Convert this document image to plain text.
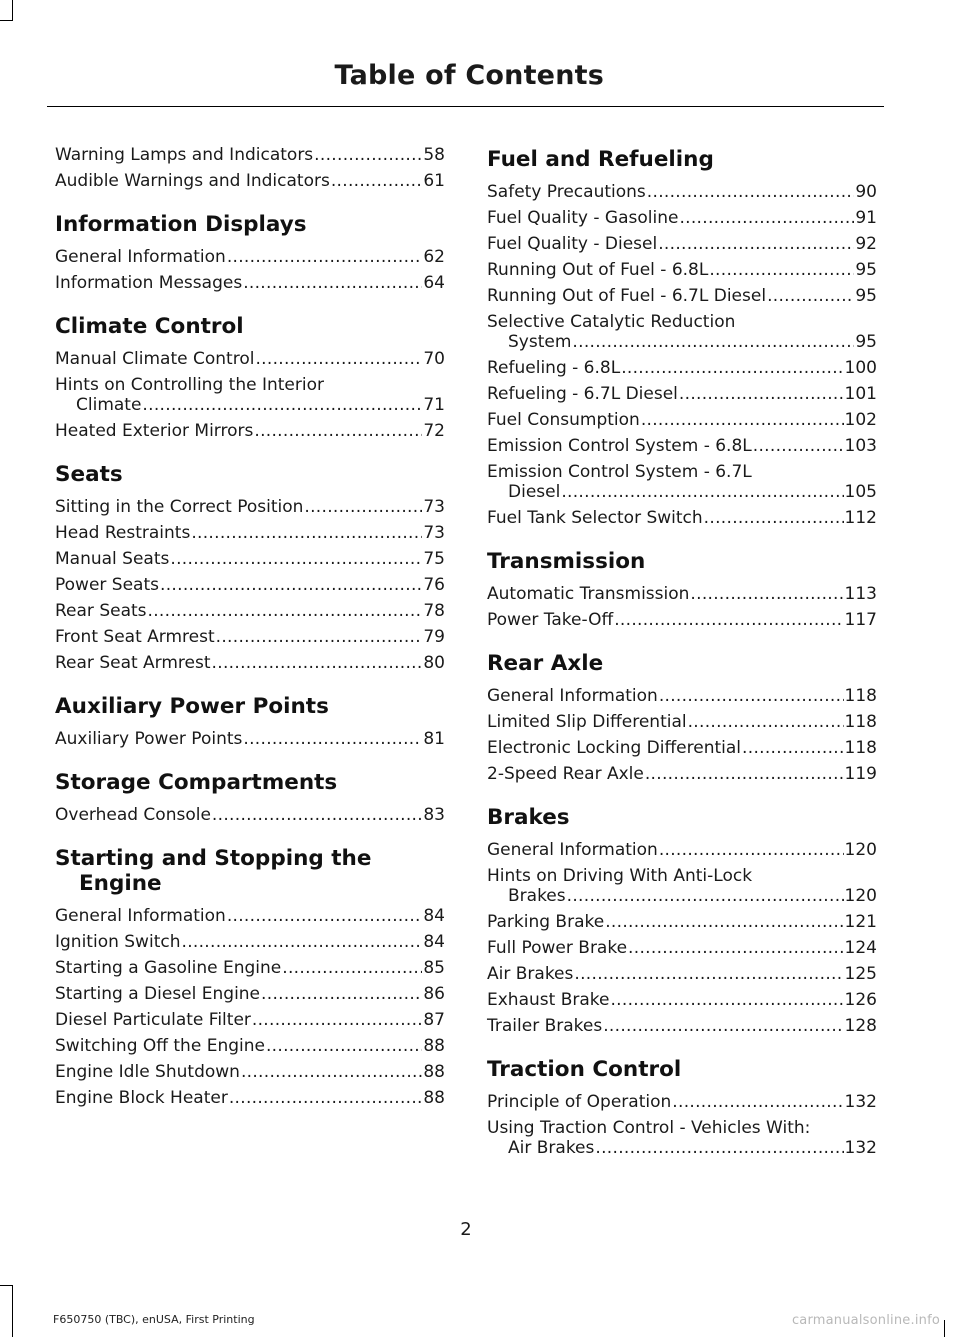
Table of Contents
Warning Lamps and Indicators .....	58
Audible Warnings and Indicators .....	61
Information Displays
General Information .....	62
Information Messages .....	64
Climate Control
Manual Climate Control .....	70
Hints on Controlling the Interior
Climate .....	71
Heated Exterior Mirrors .....	72
Seats
Sitting in the Correct Position .....	73
Head Restraints .....	73
Manual Seats .....	75
Power Seats .....	76
Rear Seats .....	78
Front Seat Armrest .....	79
Rear Seat Armrest .....	80
Auxiliary Power Points
Auxiliary Power Points .....	81
Storage Compartments
Overhead Console .....	83
Starting and Stopping the
Engine
General Information .....	84
Ignition Switch .....	84
Starting a Gasoline Engine .....	85
Starting a Diesel Engine .....	86
Diesel Particulate Filter .....	87
Switching Off the Engine .....	88
Engine Idle Shutdown .....	88
Engine Block Heater .....	88
Fuel and Refueling
Safety Precautions .....	90
Fuel Quality - Gasoline .....	91
Fuel Quality - Diesel .....	92
Running Out of Fuel - 6.8L .....	95
Running Out of Fuel - 6.7L Diesel .....	95
Selective Catalytic Reduction
System .....	95
Refueling - 6.8L .....	100
Refueling - 6.7L Diesel .....	101
Fuel Consumption .....	102
Emission Control System - 6.8L .....	103
Emission Control System - 6.7L
Diesel .....	105
Fuel Tank Selector Switch .....	112
Transmission
Automatic Transmission .....	113
Power Take-Off .....	117
Rear Axle
General Information .....	118
Limited Slip Differential .....	118
Electronic Locking Differential .....	118
2-Speed Rear Axle .....	119
Brakes
General Information .....	120
Hints on Driving With Anti-Lock
Brakes .....	120
Parking Brake .....	121
Full Power Brake .....	124
Air Brakes .....	125
Exhaust Brake .....	126
Trailer Brakes .....	128
Traction Control
Principle of Operation .....	132
Using Traction Control - Vehicles With:
Air Brakes .....	132
2
F650750 (TBC), enUSA, First Printing	carmanualsonline.info
